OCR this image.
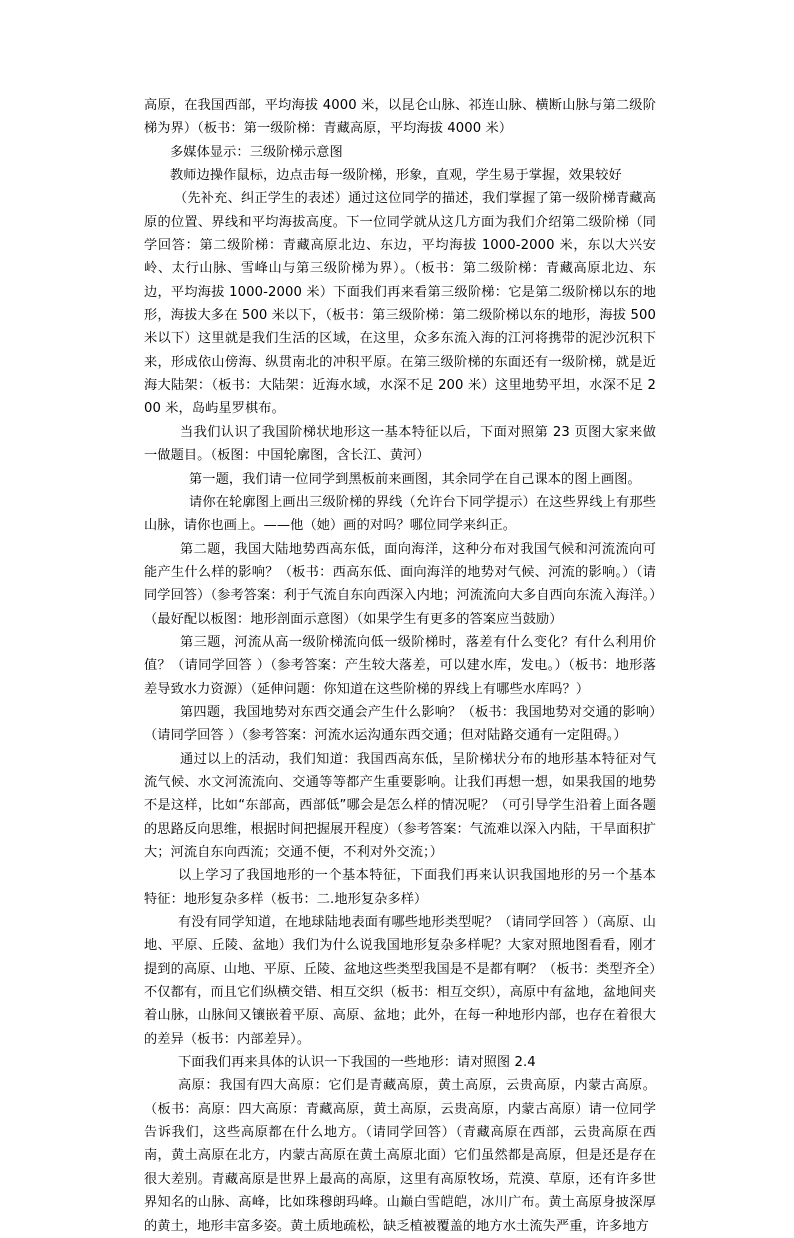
高原，在我国西部，平均海拔 4000 米，以昆仑山脉、祁连山脉、横断山脉与第二级阶梯为界）（板书：第一级阶梯：青藏高原，平均海拔 4000 米）

多媒体显示：三级阶梯示意图

教师边操作鼠标，边点击每一级阶梯，形象，直观，学生易于掌握，效果较好

（先补充、纠正学生的表述）通过这位同学的描述，我们掌握了第一级阶梯青藏高原的位置、界线和平均海拔高度。下一位同学就从这几方面为我们介绍第二级阶梯（同学回答：第二级阶梯：青藏高原北边、东边，平均海拔 1000-2000 米，东以大兴安岭、太行山脉、雪峰山与第三级阶梯为界）。（板书：第二级阶梯：青藏高原北边、东边，平均海拔 1000-2000 米）下面我们再来看第三级阶梯：它是第二级阶梯以东的地形，海拔大多在 500 米以下，（板书：第三级阶梯：第二级阶梯以东的地形，海拔 500 米以下）这里就是我们生活的区域，在这里，众多东流入海的江河将携带的泥沙沉积下来，形成依山傍海、纵贯南北的冲积平原。在第三级阶梯的东面还有一级阶梯，就是近海大陆架：（板书：大陆架：近海水域，水深不足 200 米）这里地势平坦，水深不足 200 米，岛屿星罗棋布。

当我们认识了我国阶梯状地形这一基本特征以后，下面对照第 23 页图大家来做一做题目。（板图：中国轮廓图，含长江、黄河）

第一题，我们请一位同学到黑板前来画图，其余同学在自己课本的图上画图。

请你在轮廓图上画出三级阶梯的界线（允许台下同学提示）在这些界线上有那些山脉，请你也画上。——他（她）画的对吗？哪位同学来纠正。

第二题，我国大陆地势西高东低，面向海洋，这种分布对我国气候和河流流向可能产生什么样的影响？（板书：西高东低、面向海洋的地势对气候、河流的影响。）（请同学回答）（参考答案：利于气流自东向西深入内地；河流流向大多自西向东流入海洋。）（最好配以板图：地形剖面示意图）（如果学生有更多的答案应当鼓励）

第三题，河流从高一级阶梯流向低一级阶梯时，落差有什么变化？有什么利用价值？（请同学回答 ）（参考答案：产生较大落差，可以建水库，发电。）（板书：地形落差导致水力资源）（延伸问题：你知道在这些阶梯的界线上有哪些水库吗？）

第四题，我国地势对东西交通会产生什么影响？（板书：我国地势对交通的影响）（请同学回答 ）（参考答案：河流水运沟通东西交通；但对陆路交通有一定阻碍。）

通过以上的活动，我们知道：我国西高东低，呈阶梯状分布的地形基本特征对气流气候、水文河流流向、交通等等都产生重要影响。让我们再想一想，如果我国的地势不是这样，比如“东部高，西部低”哪会是怎么样的情况呢？（可引导学生沿着上面各题的思路反向思维，根据时间把握展开程度）（参考答案：气流难以深入内陆，干旱面积扩大；河流自东向西流；交通不便，不利对外交流；）

以上学习了我国地形的一个基本特征，下面我们再来认识我国地形的另一个基本特征：地形复杂多样（板书：二.地形复杂多样）

有没有同学知道，在地球陆地表面有哪些地形类型呢？（请同学回答 ）（高原、山地、平原、丘陵、盆地）我们为什么说我国地形复杂多样呢？大家对照地图看看，刚才提到的高原、山地、平原、丘陵、盆地这些类型我国是不是都有啊？（板书：类型齐全）不仅都有，而且它们纵横交错、相互交织（板书：相互交织），高原中有盆地，盆地间夹着山脉，山脉间又镶嵌着平原、高原、盆地；此外，在每一种地形内部，也存在着很大的差异（板书：内部差异）。

下面我们再来具体的认识一下我国的一些地形：请对照图 2.4

高原：我国有四大高原：它们是青藏高原，黄土高原，云贵高原，内蒙古高原。（板书：高原：四大高原：青藏高原，黄土高原，云贵高原，内蒙古高原）请一位同学告诉我们，这些高原都在什么地方。（请同学回答）（青藏高原在西部，云贵高原在西南，黄土高原在北方，内蒙古高原在黄土高原北面）它们虽然都是高原，但是还是存在很大差别。青藏高原是世界上最高的高原，这里有高原牧场，荒漠、草原，还有许多世界知名的山脉、高峰，比如珠穆朗玛峰。山巅白雪皑皑，冰川广布。黄土高原身披深厚的黄土，地形丰富多姿。黄土质地疏松，缺乏植被覆盖的地方水土流失严重，许多地方
